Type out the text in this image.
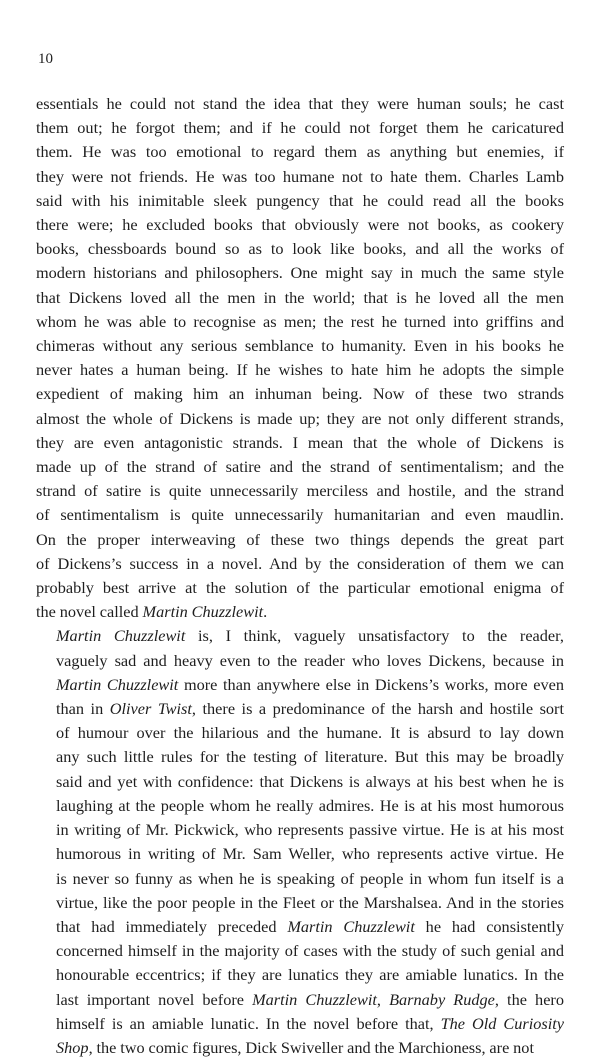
10

essentials he could not stand the idea that they were human souls; he cast
them out; he forgot them; and if he could not forget them he caricatured
them. He was too emotional to regard them as anything but enemies, if
they were not friends. He was too humane not to hate them. Charles Lamb
said with his inimitable sleek pungency that he could read all the books
there were; he excluded books that obviously were not books, as cookery
books, chessboards bound so as to look like books, and all the works of
modern historians and philosophers. One might say in much the same style
that Dickens loved all the men in the world; that is he loved all the men
whom he was able to recognise as men; the rest he turned into griffins and
chimeras without any serious semblance to humanity. Even in his books he
never hates a human being. If he wishes to hate him he adopts the simple
expedient of making him an inhuman being. Now of these two strands
almost the whole of Dickens is made up; they are not only different strands,
they are even antagonistic strands. I mean that the whole of Dickens is
made up of the strand of satire and the strand of sentimentalism; and the
strand of satire is quite unnecessarily merciless and hostile, and the strand
of sentimentalism is quite unnecessarily humanitarian and even maudlin.
On the proper interweaving of these two things depends the great part
of Dickens’s success in a novel. And by the consideration of them we can
probably best arrive at the solution of the particular emotional enigma of
the novel called Martin Chuzzlewit.

Martin Chuzzlewit is, I think, vaguely unsatisfactory to the reader,
vaguely sad and heavy even to the reader who loves Dickens, because in
Martin Chuzzlewit more than anywhere else in Dickens’s works, more even
than in Oliver Twist, there is a predominance of the harsh and hostile sort
of humour over the hilarious and the humane. It is absurd to lay down
any such little rules for the testing of literature. But this may be broadly
said and yet with confidence: that Dickens is always at his best when he is
laughing at the people whom he really admires. He is at his most humorous
in writing of Mr. Pickwick, who represents passive virtue. He is at his most
humorous in writing of Mr. Sam Weller, who represents active virtue. He
is never so funny as when he is speaking of people in whom fun itself is a
virtue, like the poor people in the Fleet or the Marshalsea. And in the stories
that had immediately preceded Martin Chuzzlewit he had consistently
concerned himself in the majority of cases with the study of such genial and
honourable eccentrics; if they are lunatics they are amiable lunatics. In the
last important novel before Martin Chuzzlewit, Barnaby Rudge, the hero
himself is an amiable lunatic. In the novel before that, The Old Curiosity
Shop, the two comic figures, Dick Swiveller and the Marchioness, are not
